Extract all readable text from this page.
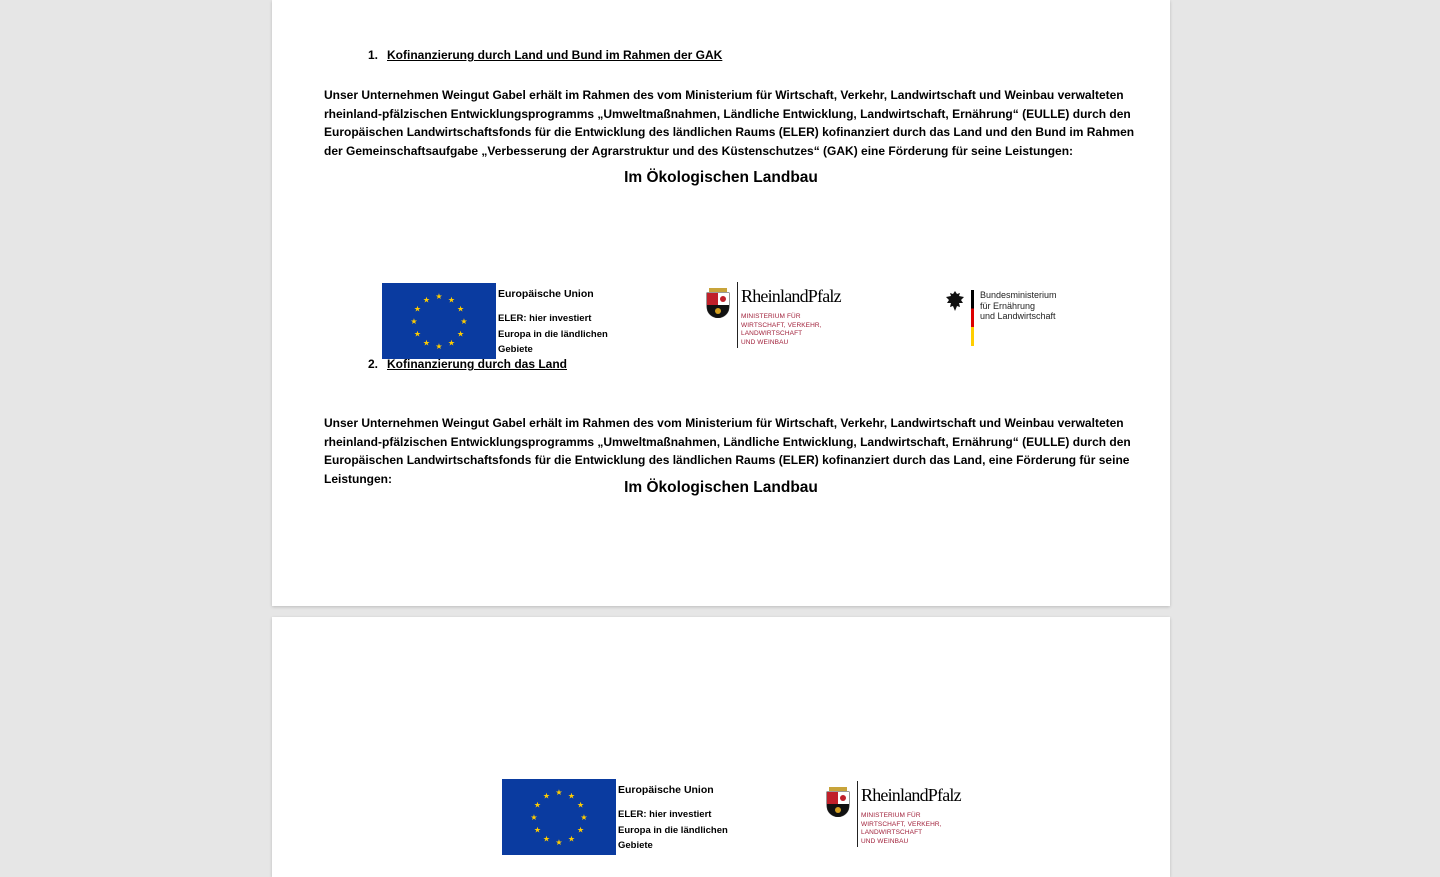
1. Kofinanzierung durch Land und Bund im Rahmen der GAK
Unser Unternehmen Weingut Gabel erhält im Rahmen des vom Ministerium für Wirtschaft, Verkehr, Landwirtschaft und Weinbau verwalteten rheinland-pfälzischen Entwicklungsprogramms „Umweltmaßnahmen, Ländliche Entwicklung, Landwirtschaft, Ernährung“ (EULLE) durch den Europäischen Landwirtschaftsfonds für die Entwicklung des ländlichen Raums (ELER) kofinanziert durch das Land und den Bund im Rahmen der Gemeinschaftsaufgabe „Verbesserung der Agrarstruktur und des Küstenschutzes“ (GAK) eine Förderung für seine Leistungen:
Im Ökologischen Landbau
★ ★
★
★
★
★
★
★
★
★
★
★	Europäische Union
ELER: hier investiert
Europa in die ländlichen
Gebiete
RheinlandPfalz
MINISTERIUM FÜR
WIRTSCHAFT, VERKEHR,
LANDWIRTSCHAFT
UND WEINBAU
Bundesministerium
für Ernährung
und Landwirtschaft
2. Kofinanzierung durch das Land
Unser Unternehmen Weingut Gabel erhält im Rahmen des vom Ministerium für Wirtschaft, Verkehr, Landwirtschaft und Weinbau verwalteten rheinland-pfälzischen Entwicklungsprogramms „Umweltmaßnahmen, Ländliche Entwicklung, Landwirtschaft, Ernährung“ (EULLE) durch den Europäischen Landwirtschaftsfonds für die Entwicklung des ländlichen Raums (ELER) kofinanziert durch das Land, eine Förderung für seine Leistungen:
Im Ökologischen Landbau
★ ★
★
★
★
★
★
★
★
★
★
★	Europäische Union
ELER: hier investiert
Europa in die ländlichen
Gebiete
RheinlandPfalz
MINISTERIUM FÜR
WIRTSCHAFT, VERKEHR,
LANDWIRTSCHAFT
UND WEINBAU
